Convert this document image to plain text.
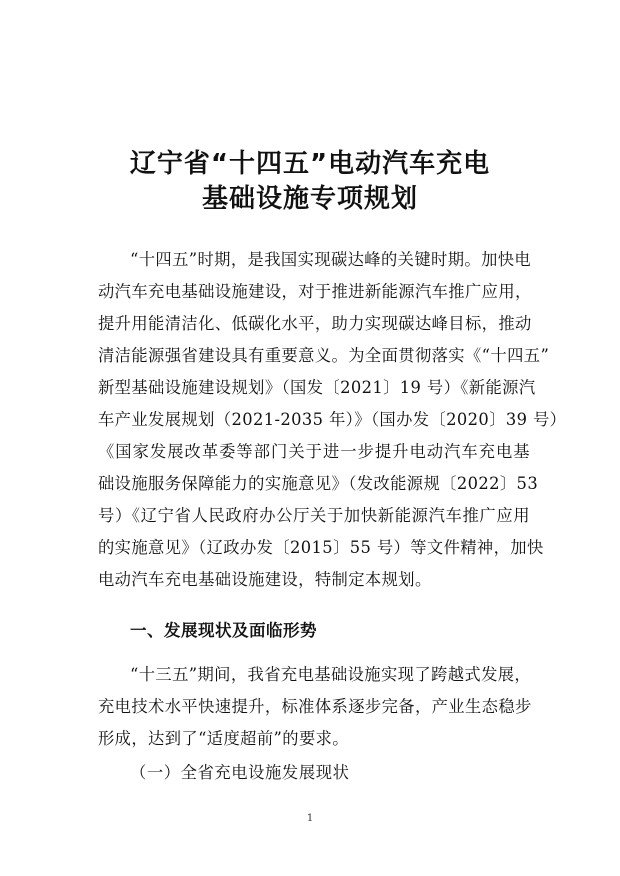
辽宁省“十四五”电动汽车充电
基础设施专项规划
“十四五”时期，是我国实现碳达峰的关键时期。加快电
动汽车充电基础设施建设，对于推进新能源汽车推广应用，
提升用能清洁化、低碳化水平，助力实现碳达峰目标，推动
清洁能源强省建设具有重要意义。为全面贯彻落实《“十四五”
新型基础设施建设规划》（国发〔2021〕19 号）《新能源汽
车产业发展规划（2021-2035 年）》（国办发〔2020〕39 号）
《国家发展改革委等部门关于进一步提升电动汽车充电基
础设施服务保障能力的实施意见》（发改能源规〔2022〕53
号）《辽宁省人民政府办公厅关于加快新能源汽车推广应用
的实施意见》（辽政办发〔2015〕55 号）等文件精神，加快
电动汽车充电基础设施建设，特制定本规划。
一、发展现状及面临形势
“十三五”期间，我省充电基础设施实现了跨越式发展，
充电技术水平快速提升，标准体系逐步完备，产业生态稳步
形成，达到了“适度超前”的要求。
（一）全省充电设施发展现状
1
